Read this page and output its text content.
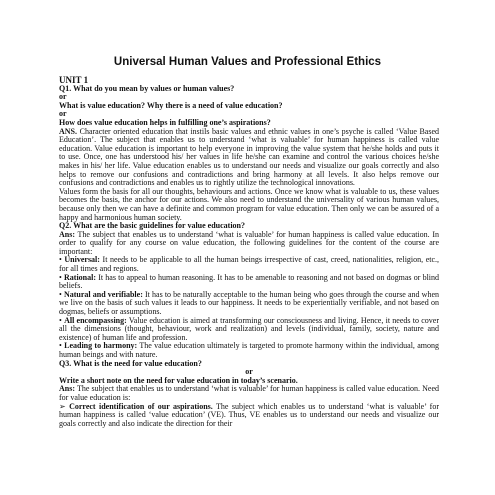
Universal Human Values and Professional Ethics

UNIT 1

Q1. What do you mean by values or human values?

or

What is value education? Why there is a need of value education?

or

How does value education helps in fulfilling one’s aspirations?

ANS. Character oriented education that instils basic values and ethnic values in one’s psyche is called ‘Value Based Education’. The subject that enables us to understand ‘what is valuable’ for human happiness is called value education. Value education is important to help everyone in improving the value system that he/she holds and puts it to use. Once, one has understood his/ her values in life he/she can examine and control the various choices he/she makes in his/ her life. Value education enables us to understand our needs and visualize our goals correctly and also helps to remove our confusions and contradictions and bring harmony at all levels. It also helps remove our confusions and contradictions and enables us to rightly utilize the technological innovations.

Values form the basis for all our thoughts, behaviours and actions. Once we know what is valuable to us, these values becomes the basis, the anchor for our actions. We also need to understand the universality of various human values, because only then we can have a definite and common program for value education. Then only we can be assured of a happy and harmonious human society.

Q2. What are the basic guidelines for value education?

Ans: The subject that enables us to understand ‘what is valuable’ for human happiness is called value education. In order to qualify for any course on value education, the following guidelines for the content of the course are important:

• Universal: It needs to be applicable to all the human beings irrespective of cast, creed, nationalities, religion, etc., for all times and regions.

• Rational: It has to appeal to human reasoning. It has to be amenable to reasoning and not based on dogmas or blind beliefs.

• Natural and verifiable: It has to be naturally acceptable to the human being who goes through the course and when we live on the basis of such values it leads to our happiness. It needs to be experientially verifiable, and not based on dogmas, beliefs or assumptions.

• All encompassing: Value education is aimed at transforming our consciousness and living. Hence, it needs to cover all the dimensions (thought, behaviour, work and realization) and levels (individual, family, society, nature and existence) of human life and profession.

• Leading to harmony: The value education ultimately is targeted to promote harmony within the individual, among human beings and with nature.

Q3. What is the need for value education?

or

Write a short note on the need for value education in today’s scenario.

Ans: The subject that enables us to understand ‘what is valuable’ for human happiness is called value education. Need for value education is:

➢ Correct identification of our aspirations. The subject which enables us to understand ‘what is valuable’ for human happiness is called ‘value education’ (VE). Thus, VE enables us to understand our needs and visualize our goals correctly and also indicate the direction for their
